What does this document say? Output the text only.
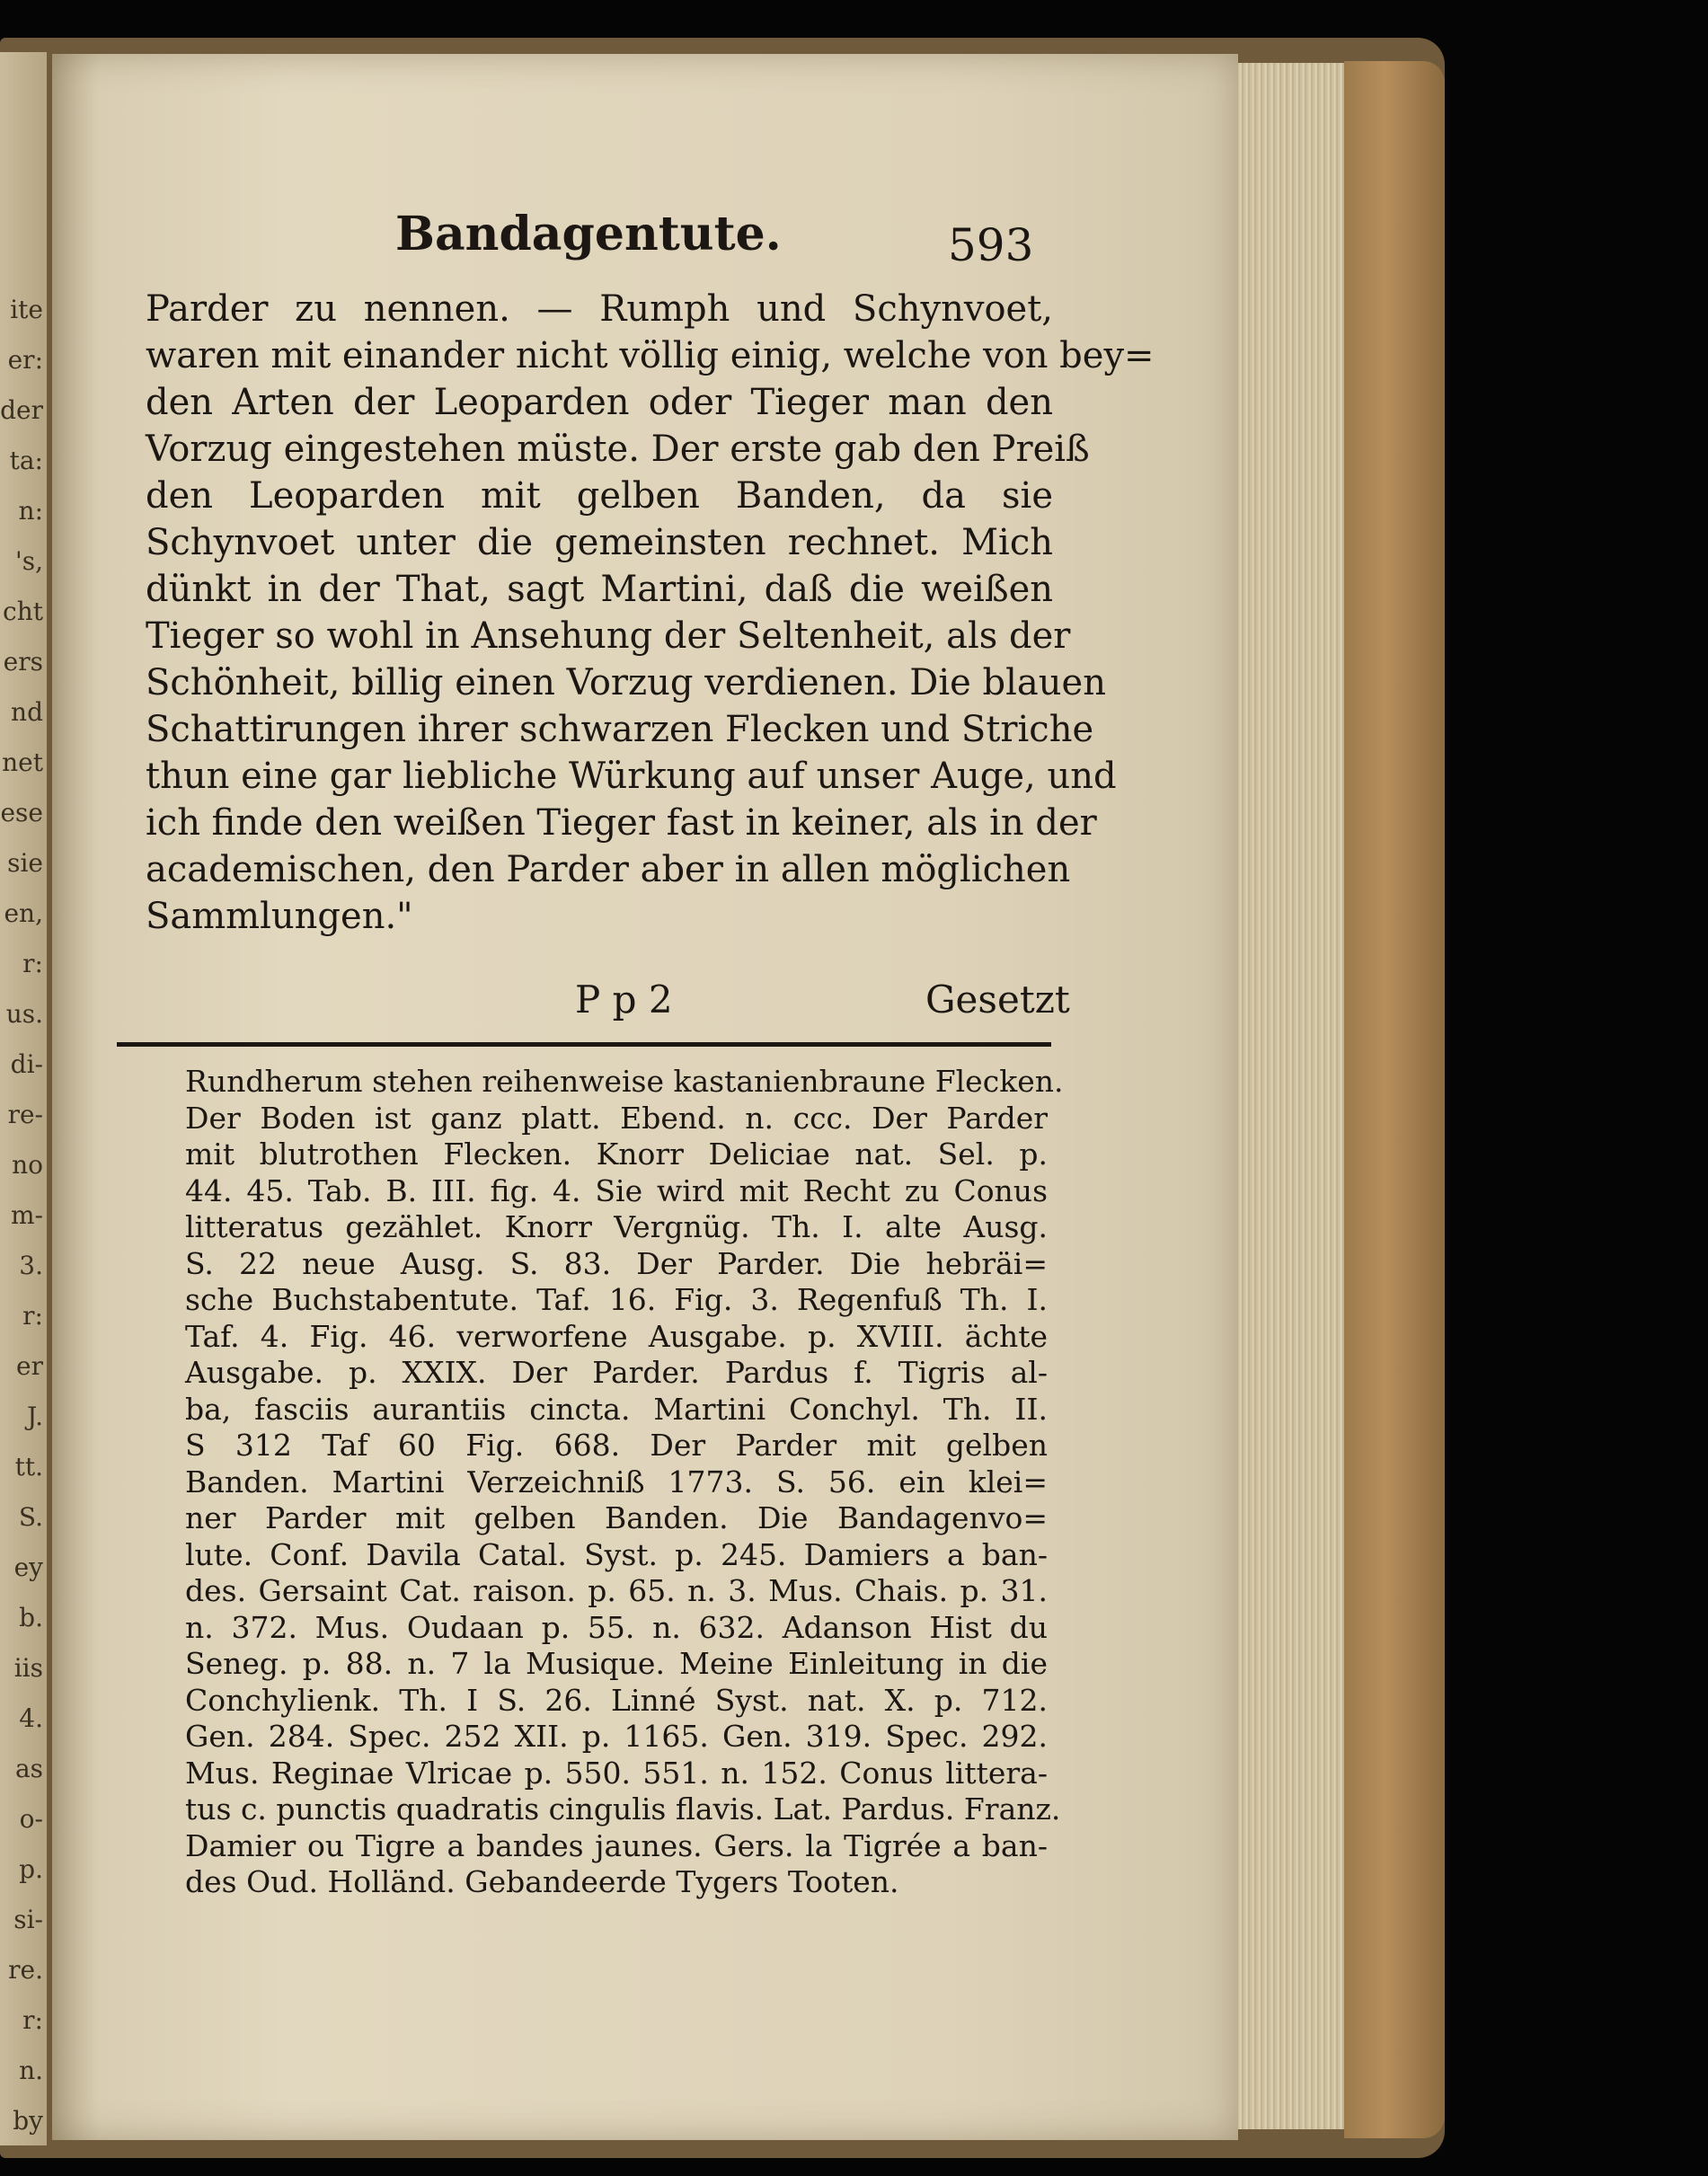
ite
er:
der
ta:
n:
's,
cht
ers
nd
net
ese
sie
en,
r:
us.
di-
re-
no
m-
3.
r:
er
J.
tt.
S.
ey
b.
iis
4.
as
o-
p.
si-
re.
r:
n.
by
Bandagentute.	593
Parder zu nennen. — Rumph und Schynvoet,
waren mit einander nicht völlig einig, welche von bey=
den Arten der Leoparden oder Tieger man den
Vorzug eingestehen müste. Der erste gab den Preiß
den Leoparden mit gelben Banden, da sie
Schynvoet unter die gemeinsten rechnet. Mich
dünkt in der That, sagt Martini, daß die weißen
Tieger so wohl in Ansehung der Seltenheit, als der
Schönheit, billig einen Vorzug verdienen. Die blauen
Schattirungen ihrer schwarzen Flecken und Striche
thun eine gar liebliche Würkung auf unser Auge, und
ich finde den weißen Tieger fast in keiner, als in der
academischen, den Parder aber in allen möglichen
Sammlungen."
P p 2	Gesetzt
Rundherum stehen reihenweise kastanienbraune Flecken.
Der Boden ist ganz platt. Ebend. n. ccc. Der Parder
mit blutrothen Flecken. Knorr Deliciae nat. Sel. p.
44. 45. Tab. B. III. fig. 4. Sie wird mit Recht zu Conus
litteratus gezählet. Knorr Vergnüg. Th. I. alte Ausg.
S. 22 neue Ausg. S. 83. Der Parder. Die hebräi=
sche Buchstabentute. Taf. 16. Fig. 3. Regenfuß Th. I.
Taf. 4. Fig. 46. verworfene Ausgabe. p. XVIII. ächte
Ausgabe. p. XXIX. Der Parder. Pardus f. Tigris al-
ba, fasciis aurantiis cincta. Martini Conchyl. Th. II.
S 312 Taf 60 Fig. 668. Der Parder mit gelben
Banden. Martini Verzeichniß 1773. S. 56. ein klei=
ner Parder mit gelben Banden. Die Bandagenvo=
lute. Conf. Davila Catal. Syst. p. 245. Damiers a ban-
des. Gersaint Cat. raison. p. 65. n. 3. Mus. Chais. p. 31.
n. 372. Mus. Oudaan p. 55. n. 632. Adanson Hist du
Seneg. p. 88. n. 7 la Musique. Meine Einleitung in die
Conchylienk. Th. I S. 26. Linné Syst. nat. X. p. 712.
Gen. 284. Spec. 252 XII. p. 1165. Gen. 319. Spec. 292.
Mus. Reginae Vlricae p. 550. 551. n. 152. Conus littera-
tus c. punctis quadratis cingulis flavis. Lat. Pardus. Franz.
Damier ou Tigre a bandes jaunes. Gers. la Tigrée a ban-
des Oud. Holländ. Gebandeerde Tygers Tooten.
